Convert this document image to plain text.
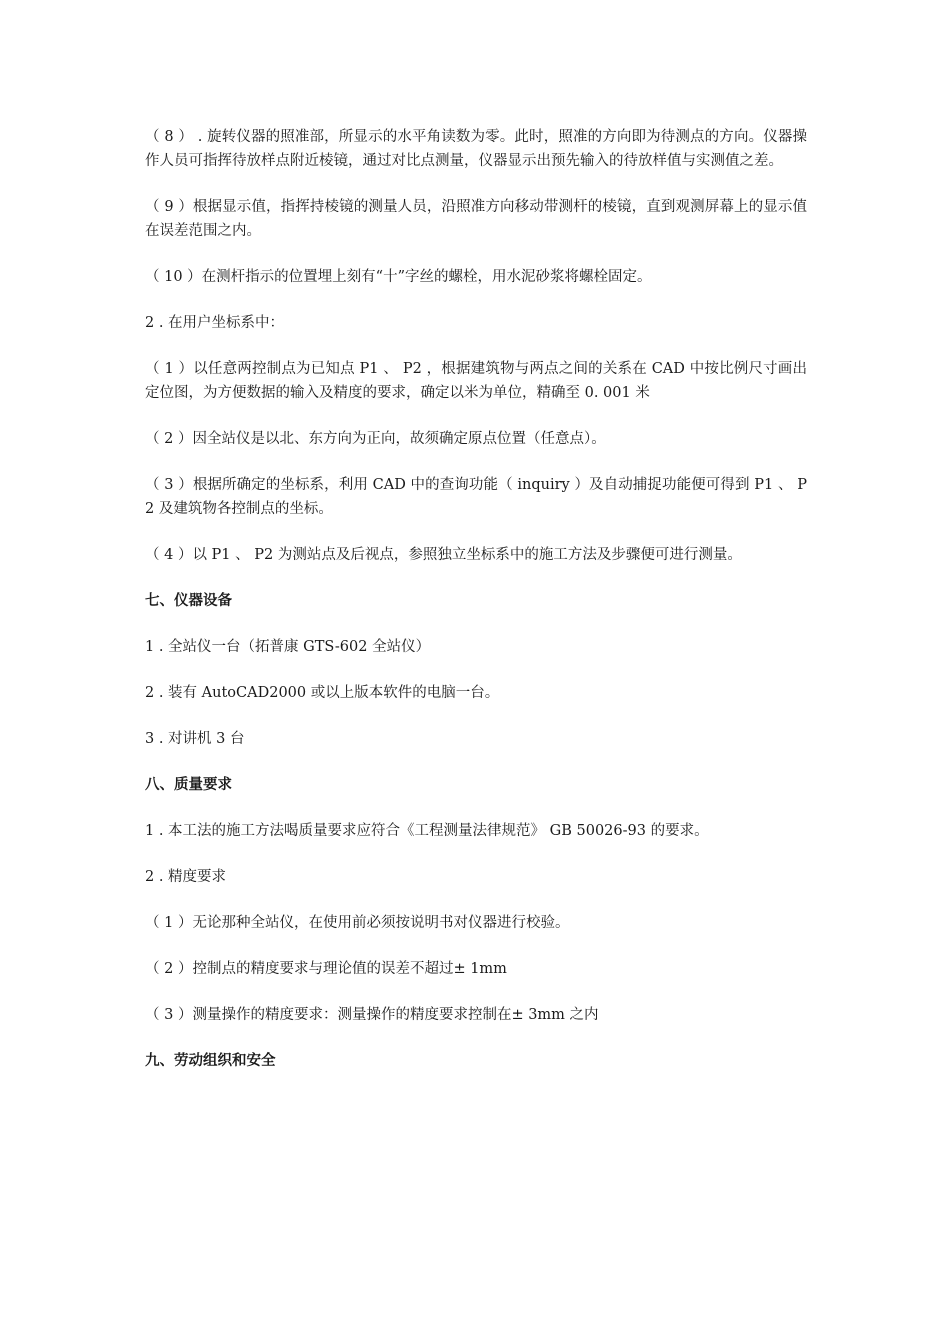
（ 8 ） . 旋转仪器的照准部，所显示的水平角读数为零。此时，照准的方向即为待测点的方向。仪器操作人员可指挥待放样点附近棱镜，通过对比点测量，仪器显示出预先输入的待放样值与实测值之差。

（ 9 ）根据显示值，指挥持棱镜的测量人员，沿照准方向移动带测杆的棱镜，直到观测屏幕上的显示值在误差范围之内。

（ 10 ）在测杆指示的位置埋上刻有“十”字丝的螺栓，用水泥砂浆将螺栓固定。

2 . 在用户坐标系中：

（ 1 ）以任意两控制点为已知点 P1 、 P2 ，根据建筑物与两点之间的关系在 CAD 中按比例尺寸画出定位图，为方便数据的输入及精度的要求，确定以米为单位，精确至 0. 001 米

（ 2 ）因全站仪是以北、东方向为正向，故须确定原点位置（任意点）。

（ 3 ）根据所确定的坐标系，利用 CAD 中的查询功能（ inquiry ）及自动捕捉功能便可得到 P1 、 P2 及建筑物各控制点的坐标。

（ 4 ）以 P1 、 P2 为测站点及后视点，参照独立坐标系中的施工方法及步骤便可进行测量。

七、仪器设备

1 . 全站仪一台（拓普康 GTS-602 全站仪）

2 . 装有 AutoCAD2000 或以上版本软件的电脑一台。

3 . 对讲机 3 台

八、质量要求

1 . 本工法的施工方法喝质量要求应符合《工程测量法律规范》 GB 50026-93 的要求。

2 . 精度要求

（ 1 ）无论那种全站仪，在使用前必须按说明书对仪器进行校验。

（ 2 ）控制点的精度要求与理论值的误差不超过± 1mm

（ 3 ）测量操作的精度要求：测量操作的精度要求控制在± 3mm 之内

九、劳动组织和安全
